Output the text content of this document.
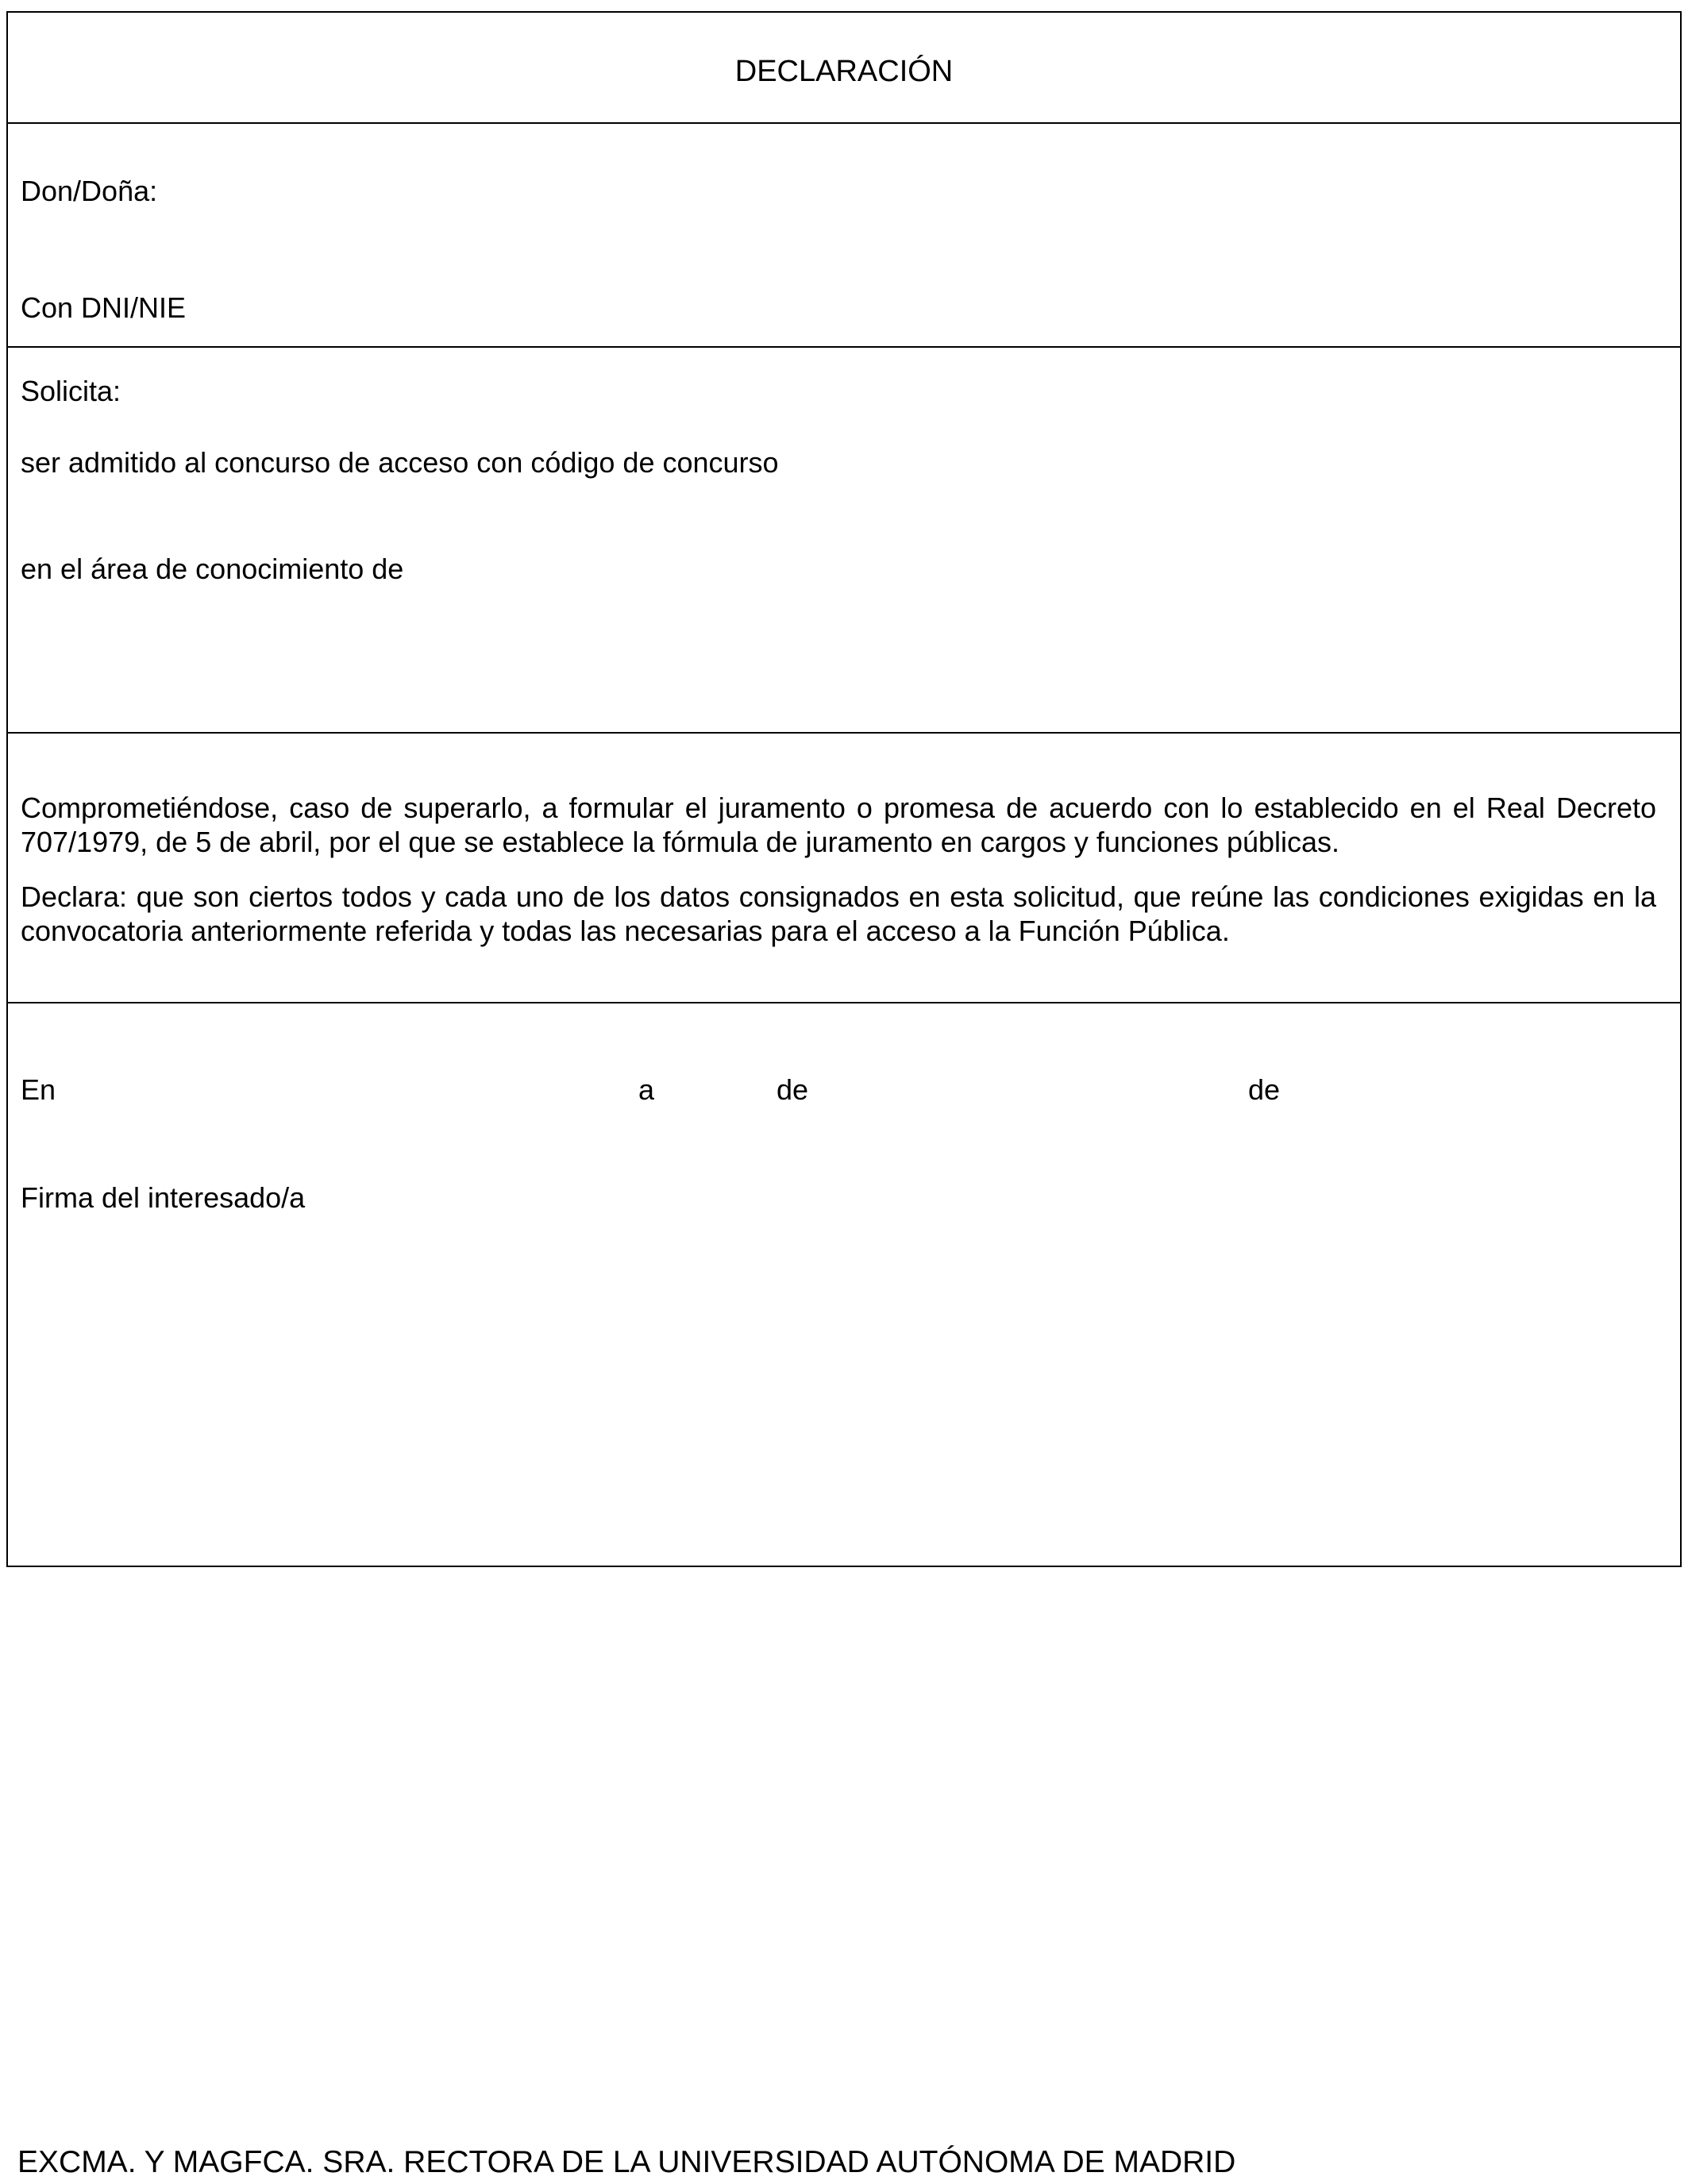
DECLARACIÓN
Don/Doña:
Con DNI/NIE
Solicita:
ser admitido al concurso de acceso con código de concurso
en el área de conocimiento de
Comprometiéndose, caso de superarlo, a formular el juramento o promesa de acuerdo con lo establecido en el Real Decreto 707/1979, de 5 de abril, por el que se establece la fórmula de juramento en cargos y funciones públicas.
Declara: que son ciertos todos y cada uno de los datos consignados en esta solicitud, que reúne las condiciones exigidas en la convocatoria anteriormente referida y todas las necesarias para el acceso a la Función Pública.
En	a	de	de
Firma del interesado/a
EXCMA. Y MAGFCA. SRA. RECTORA DE LA UNIVERSIDAD AUTÓNOMA DE MADRID
